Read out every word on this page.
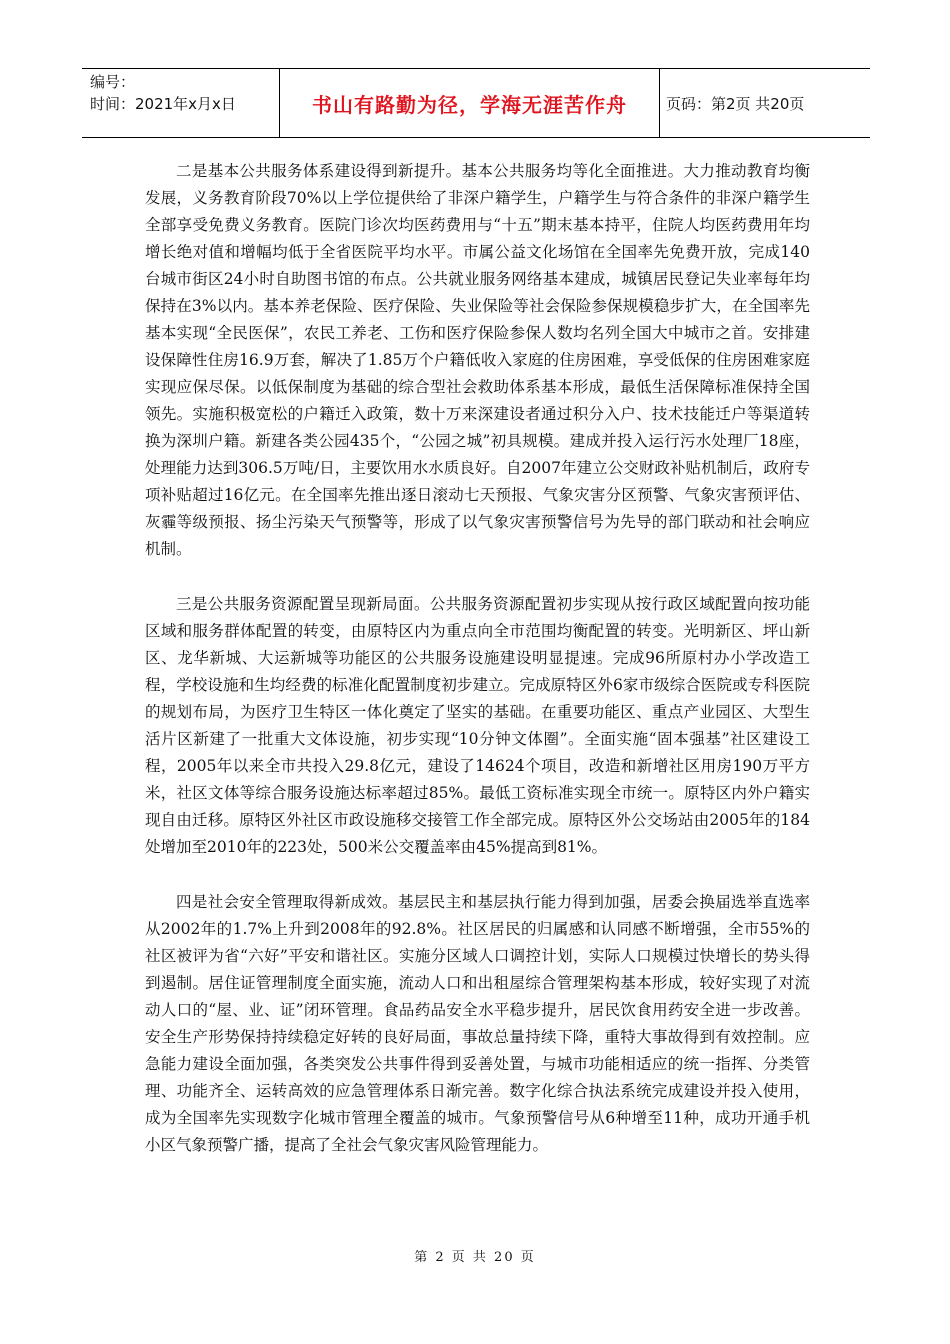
编号：
时间：2021年x月x日	书山有路勤为径，学海无涯苦作舟	页码：第2页 共20页

二是基本公共服务体系建设得到新提升。基本公共服务均等化全面推进。大力推动教育均衡发展，义务教育阶段70%以上学位提供给了非深户籍学生，户籍学生与符合条件的非深户籍学生全部享受免费义务教育。医院门诊次均医药费用与“十五”期末基本持平，住院人均医药费用年均增长绝对值和增幅均低于全省医院平均水平。市属公益文化场馆在全国率先免费开放，完成140台城市街区24小时自助图书馆的布点。公共就业服务网络基本建成，城镇居民登记失业率每年均保持在3%以内。基本养老保险、医疗保险、失业保险等社会保险参保规模稳步扩大，在全国率先基本实现“全民医保”，农民工养老、工伤和医疗保险参保人数均名列全国大中城市之首。安排建设保障性住房16.9万套，解决了1.85万个户籍低收入家庭的住房困难，享受低保的住房困难家庭实现应保尽保。以低保制度为基础的综合型社会救助体系基本形成，最低生活保障标准保持全国领先。实施积极宽松的户籍迁入政策，数十万来深建设者通过积分入户、技术技能迁户等渠道转换为深圳户籍。新建各类公园435个，“公园之城”初具规模。建成并投入运行污水处理厂18座，处理能力达到306.5万吨/日，主要饮用水水质良好。自2007年建立公交财政补贴机制后，政府专项补贴超过16亿元。在全国率先推出逐日滚动七天预报、气象灾害分区预警、气象灾害预评估、灰霾等级预报、扬尘污染天气预警等，形成了以气象灾害预警信号为先导的部门联动和社会响应机制。

三是公共服务资源配置呈现新局面。公共服务资源配置初步实现从按行政区域配置向按功能区域和服务群体配置的转变，由原特区内为重点向全市范围均衡配置的转变。光明新区、坪山新区、龙华新城、大运新城等功能区的公共服务设施建设明显提速。完成96所原村办小学改造工程，学校设施和生均经费的标准化配置制度初步建立。完成原特区外6家市级综合医院或专科医院的规划布局，为医疗卫生特区一体化奠定了坚实的基础。在重要功能区、重点产业园区、大型生活片区新建了一批重大文体设施，初步实现“10分钟文体圈”。全面实施“固本强基”社区建设工程，2005年以来全市共投入29.8亿元，建设了14624个项目，改造和新增社区用房190万平方米，社区文体等综合服务设施达标率超过85%。最低工资标准实现全市统一。原特区内外户籍实现自由迁移。原特区外社区市政设施移交接管工作全部完成。原特区外公交场站由2005年的184处增加至2010年的223处，500米公交覆盖率由45%提高到81%。

四是社会安全管理取得新成效。基层民主和基层执行能力得到加强，居委会换届选举直选率从2002年的1.7%上升到2008年的92.8%。社区居民的归属感和认同感不断增强，全市55%的社区被评为省“六好”平安和谐社区。实施分区域人口调控计划，实际人口规模过快增长的势头得到遏制。居住证管理制度全面实施，流动人口和出租屋综合管理架构基本形成，较好实现了对流动人口的“屋、业、证”闭环管理。食品药品安全水平稳步提升，居民饮食用药安全进一步改善。安全生产形势保持持续稳定好转的良好局面，事故总量持续下降，重特大事故得到有效控制。应急能力建设全面加强，各类突发公共事件得到妥善处置，与城市功能相适应的统一指挥、分类管理、功能齐全、运转高效的应急管理体系日渐完善。数字化综合执法系统完成建设并投入使用，成为全国率先实现数字化城市管理全覆盖的城市。气象预警信号从6种增至11种，成功开通手机小区气象预警广播，提高了全社会气象灾害风险管理能力。

第 2 页 共 20 页
